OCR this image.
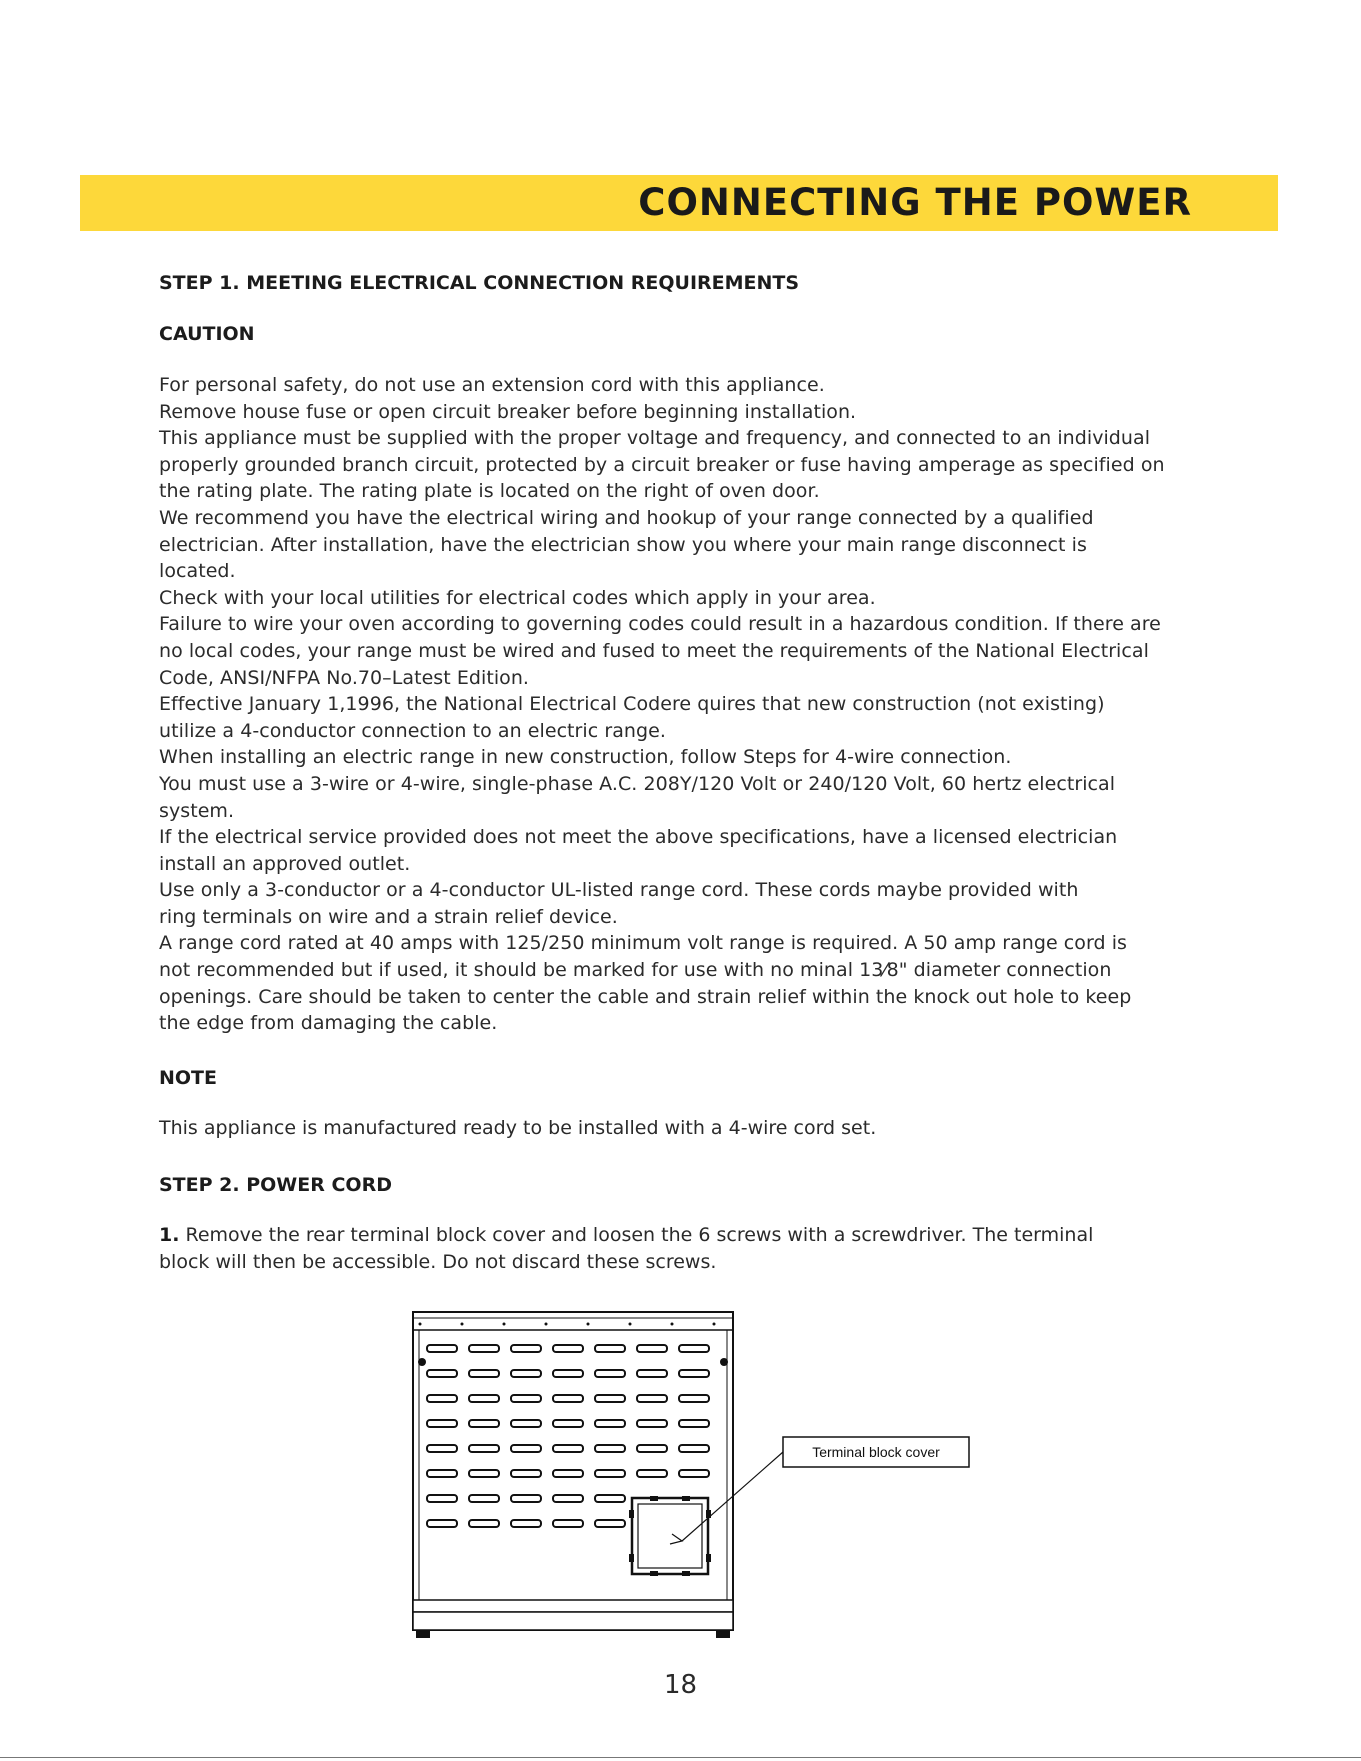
CONNECTING THE POWER
STEP 1. MEETING ELECTRICAL CONNECTION REQUIREMENTS
CAUTION

For personal safety, do not use an extension cord with this appliance.

Remove house fuse or open circuit breaker before beginning installation.

This appliance must be supplied with the proper voltage and frequency, and connected to an individual

properly grounded branch circuit, protected by a circuit breaker or fuse having amperage as specified on

the rating plate. The rating plate is located on the right of oven door.

We recommend you have the electrical wiring and hookup of your range connected by a qualified

electrician. After installation, have the electrician show you where your main range disconnect is

located.

Check with your local utilities for electrical codes which apply in your area.

Failure to wire your oven according to governing codes could result in a hazardous condition. If there are

no local codes, your range must be wired and fused to meet the requirements of the National Electrical

Code, ANSI/NFPA No.70–Latest Edition.

Effective January 1,1996, the National Electrical Codere quires that new construction (not existing)

utilize a 4-conductor connection to an electric range.

When installing an electric range in new construction, follow Steps for 4-wire connection.

You must use a 3-wire or 4-wire, single-phase A.C. 208Y/120 Volt or 240/120 Volt, 60 hertz electrical

system.

If the electrical service provided does not meet the above specifications, have a licensed electrician

install an approved outlet.

Use only a 3-conductor or a 4-conductor UL-listed range cord. These cords maybe provided with

ring terminals on wire and a strain relief device.

A range cord rated at 40 amps with 125/250 minimum volt range is required. A 50 amp range cord is

not recommended but if used, it should be marked for use with no minal 13⁄8" diameter connection

openings. Care should be taken to center the cable and strain relief within the knock out hole to keep

the edge from damaging the cable.

NOTE

This appliance is manufactured ready to be installed with a 4-wire cord set.

STEP 2. POWER CORD

1. Remove the rear terminal block cover and loosen the 6 screws with a screwdriver. The terminal
block will then be accessible. Do not discard these screws.

Terminal block cover

18
